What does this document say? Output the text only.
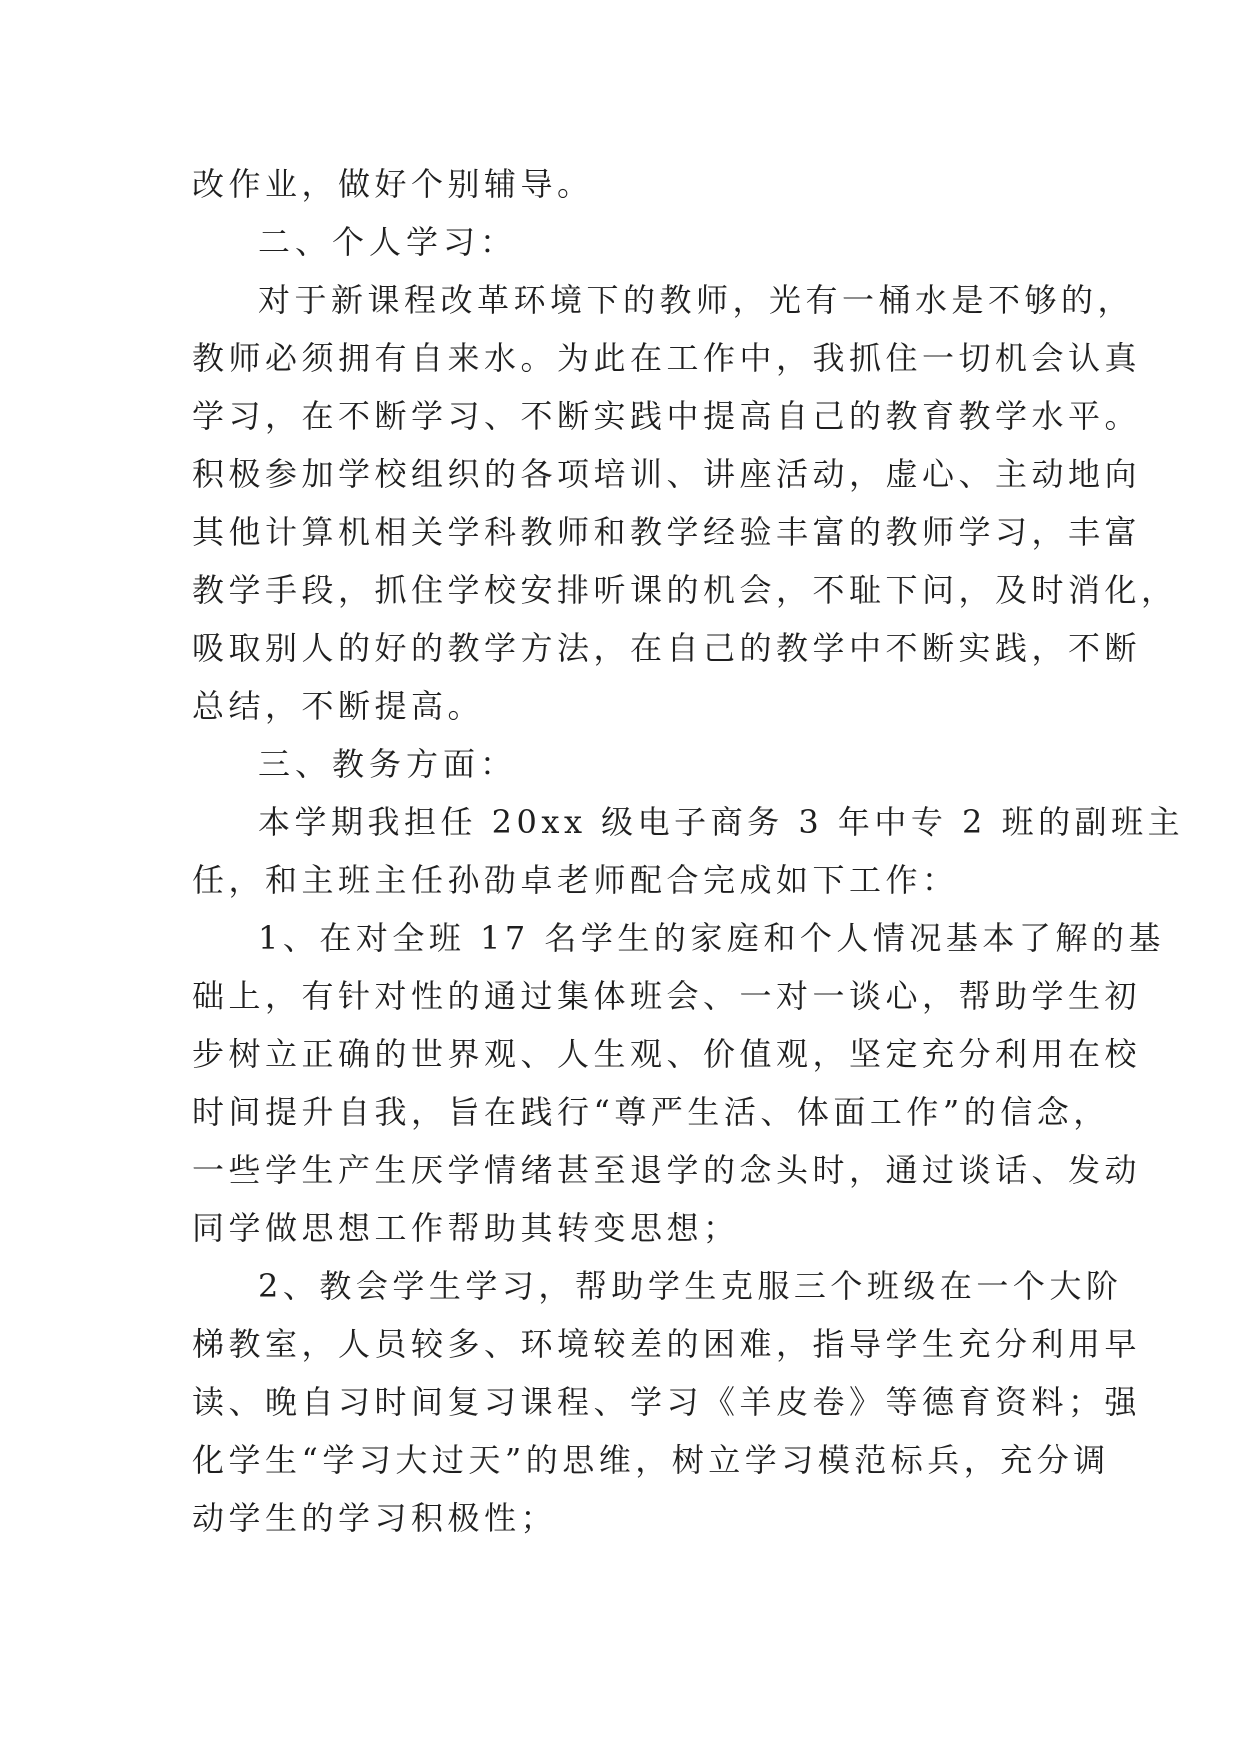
改作业，做好个别辅导。
二、个人学习：
对于新课程改革环境下的教师，光有一桶水是不够的，
教师必须拥有自来水。为此在工作中，我抓住一切机会认真
学习，在不断学习、不断实践中提高自己的教育教学水平。
积极参加学校组织的各项培训、讲座活动，虚心、主动地向
其他计算机相关学科教师和教学经验丰富的教师学习，丰富
教学手段，抓住学校安排听课的机会，不耻下问，及时消化，
吸取别人的好的教学方法，在自己的教学中不断实践，不断
总结，不断提高。
三、教务方面：
本学期我担任 20xx 级电子商务 3 年中专 2 班的副班主
任，和主班主任孙劭卓老师配合完成如下工作：
1、在对全班 17 名学生的家庭和个人情况基本了解的基
础上，有针对性的通过集体班会、一对一谈心，帮助学生初
步树立正确的世界观、人生观、价值观，坚定充分利用在校
时间提升自我，旨在践行“尊严生活、体面工作”的信念，
一些学生产生厌学情绪甚至退学的念头时，通过谈话、发动
同学做思想工作帮助其转变思想；
2、教会学生学习，帮助学生克服三个班级在一个大阶
梯教室，人员较多、环境较差的困难，指导学生充分利用早
读、晚自习时间复习课程、学习《羊皮卷》等德育资料；强
化学生“学习大过天”的思维，树立学习模范标兵，充分调
动学生的学习积极性；
